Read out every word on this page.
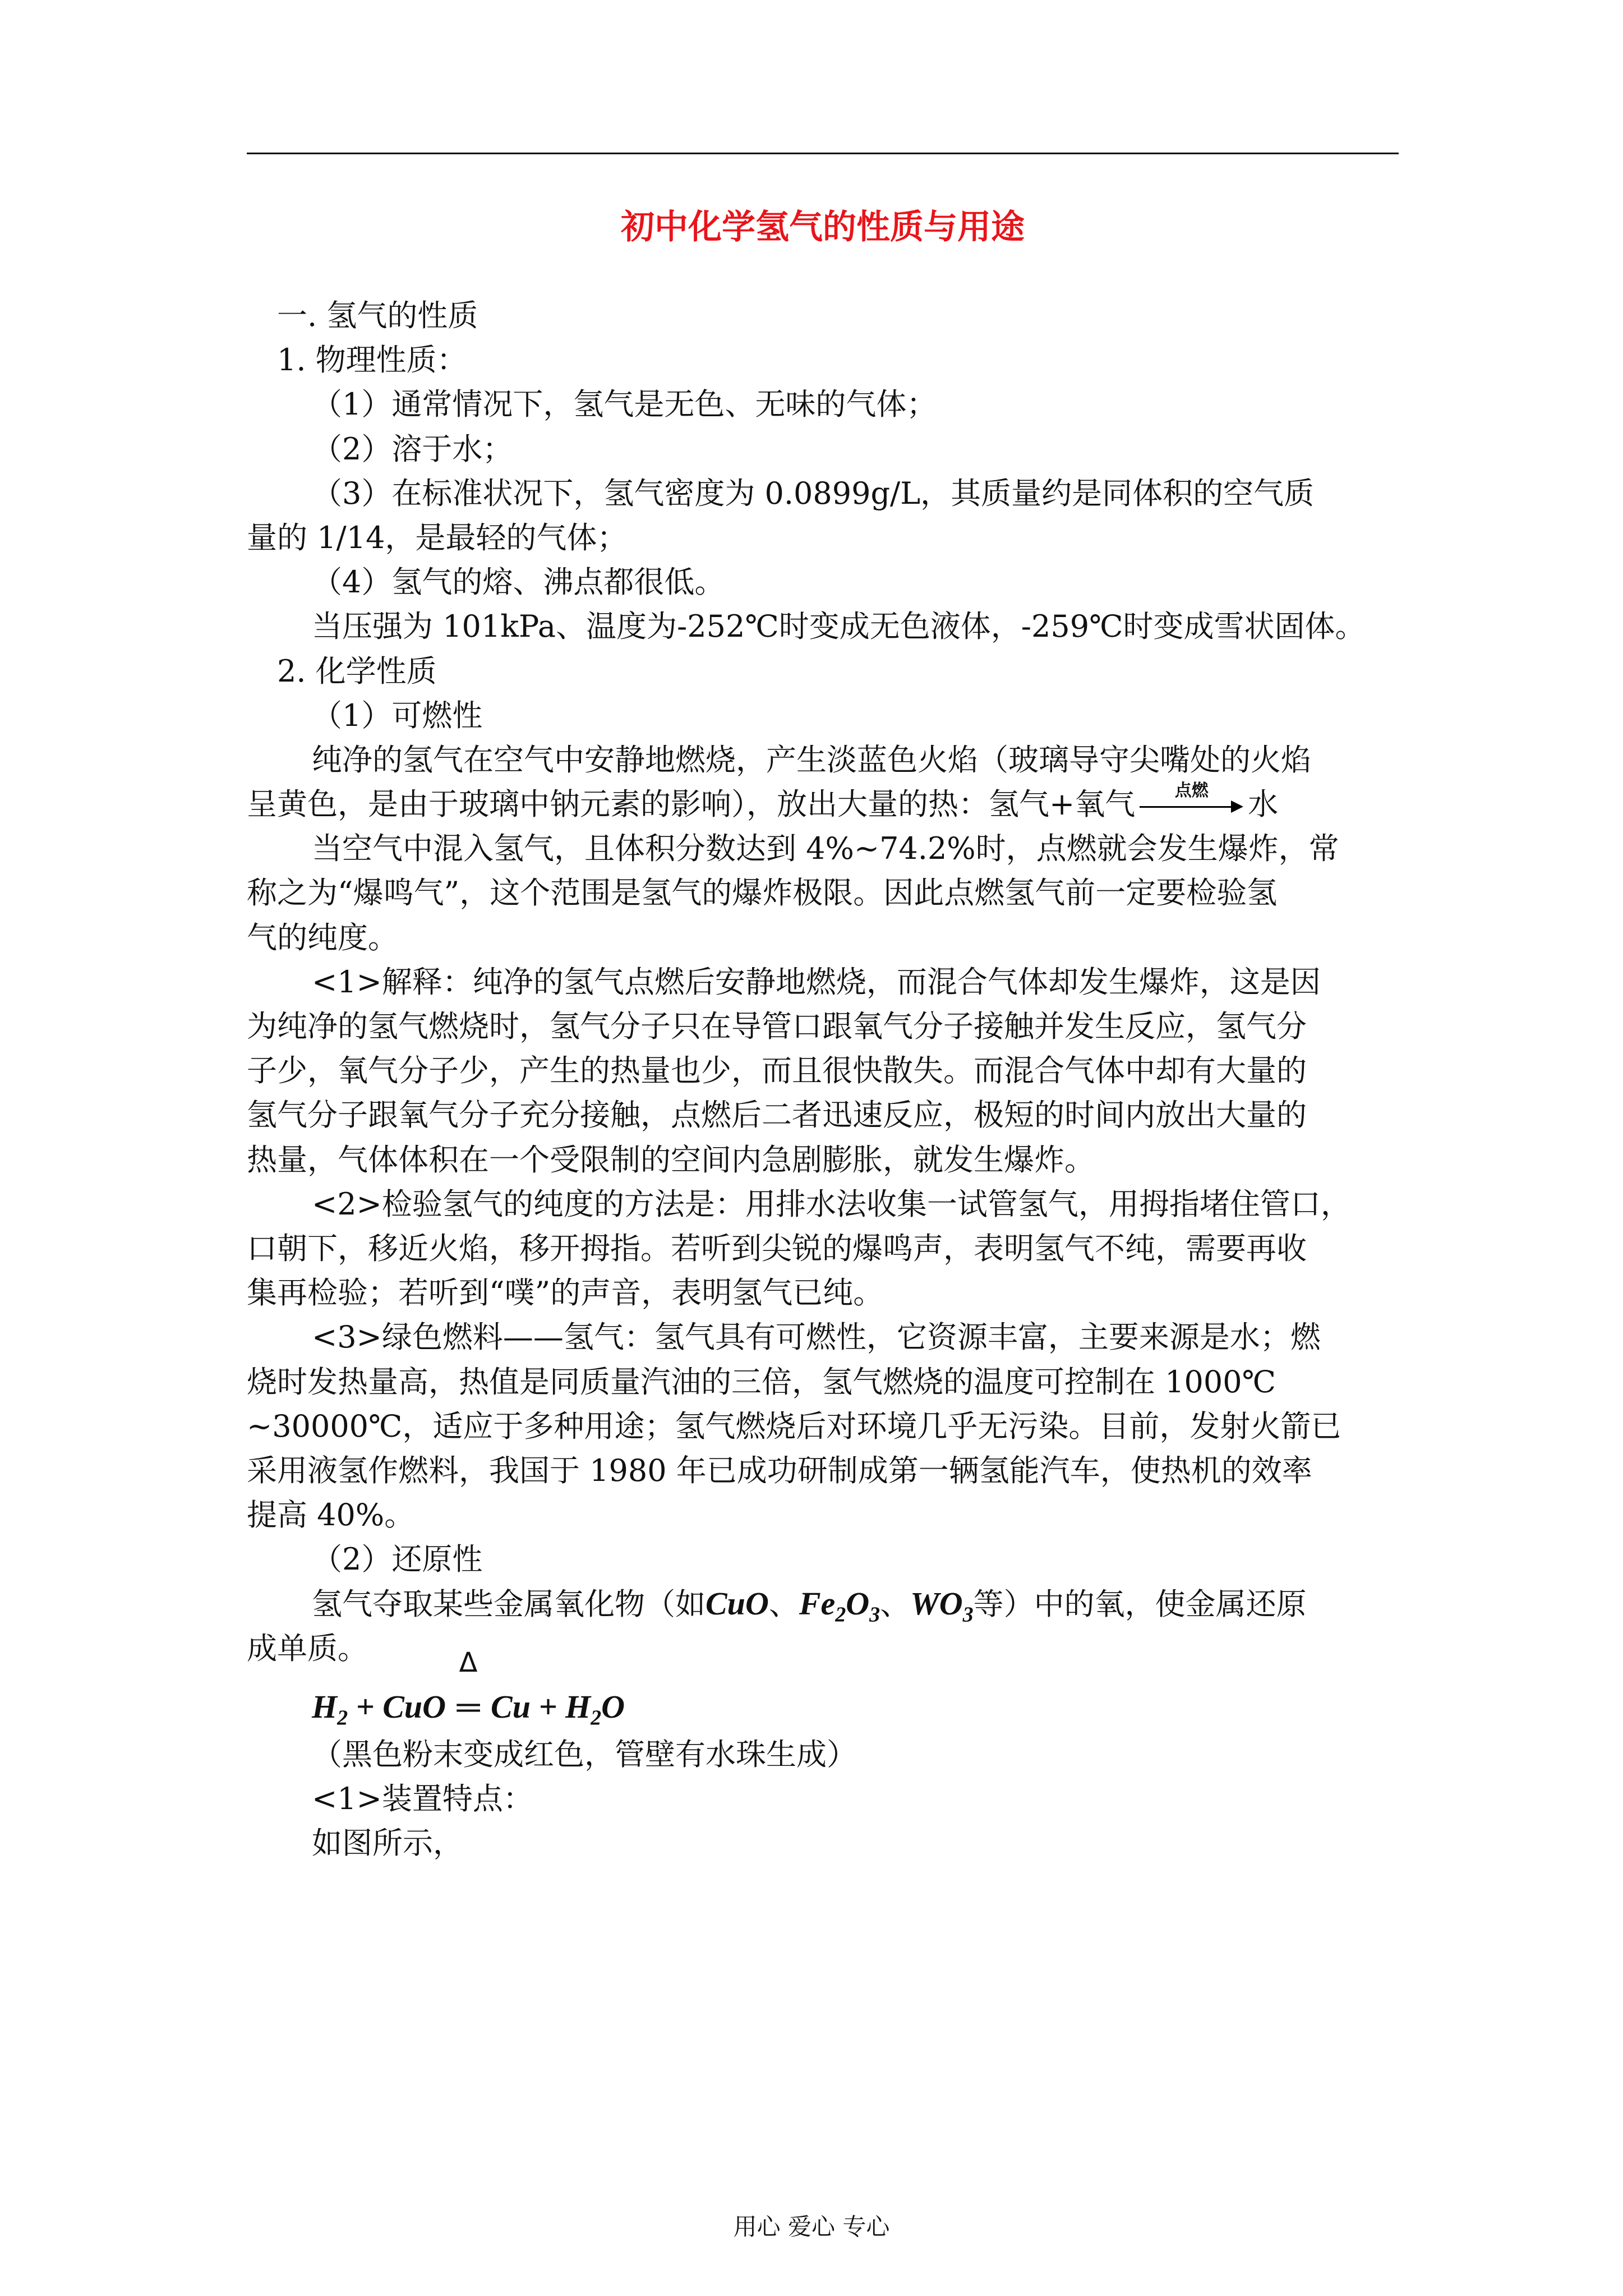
初中化学氢气的性质与用途
一. 氢气的性质
1. 物理性质：
（1）通常情况下，氢气是无色、无味的气体；
（2）溶于水；
（3）在标准状况下，氢气密度为 0.0899g/L，其质量约是同体积的空气质
量的 1/14，是最轻的气体；
（4）氢气的熔、沸点都很低。
当压强为 101kPa、温度为-252℃时变成无色液体，-259℃时变成雪状固体。
2. 化学性质
（1）可燃性
纯净的氢气在空气中安静地燃烧，产生淡蓝色火焰（玻璃导守尖嘴处的火焰
呈黄色，是由于玻璃中钠元素的影响），放出大量的热：氢气+氧气	点燃	水
当空气中混入氢气，且体积分数达到 4%~74.2%时，点燃就会发生爆炸，常
称之为“爆鸣气”，这个范围是氢气的爆炸极限。因此点燃氢气前一定要检验氢
气的纯度。
<1>解释：纯净的氢气点燃后安静地燃烧，而混合气体却发生爆炸，这是因
为纯净的氢气燃烧时，氢气分子只在导管口跟氧气分子接触并发生反应，氢气分
子少，氧气分子少，产生的热量也少，而且很快散失。而混合气体中却有大量的
氢气分子跟氧气分子充分接触，点燃后二者迅速反应，极短的时间内放出大量的
热量，气体体积在一个受限制的空间内急剧膨胀，就发生爆炸。
<2>检验氢气的纯度的方法是：用排水法收集一试管氢气，用拇指堵住管口，
口朝下，移近火焰，移开拇指。若听到尖锐的爆鸣声，表明氢气不纯，需要再收
集再检验；若听到“噗”的声音，表明氢气已纯。
<3>绿色燃料——氢气：氢气具有可燃性，它资源丰富，主要来源是水；燃
烧时发热量高，热值是同质量汽油的三倍，氢气燃烧的温度可控制在 1000℃
~30000℃，适应于多种用途；氢气燃烧后对环境几乎无污染。目前，发射火箭已
采用液氢作燃料，我国于 1980 年已成功研制成第一辆氢能汽车，使热机的效率
提高 40%。
（2）还原性
氢气夺取某些金属氧化物（如CuO、$Fe_2O_3$、$WO_3$等）中的氧，使金属还原
成单质。
$H_2$ + CuO
Δ
═ $Cu + H_2O$
（黑色粉末变成红色，管壁有水珠生成）
<1>装置特点：
如图所示，
用心 爱心 专心
